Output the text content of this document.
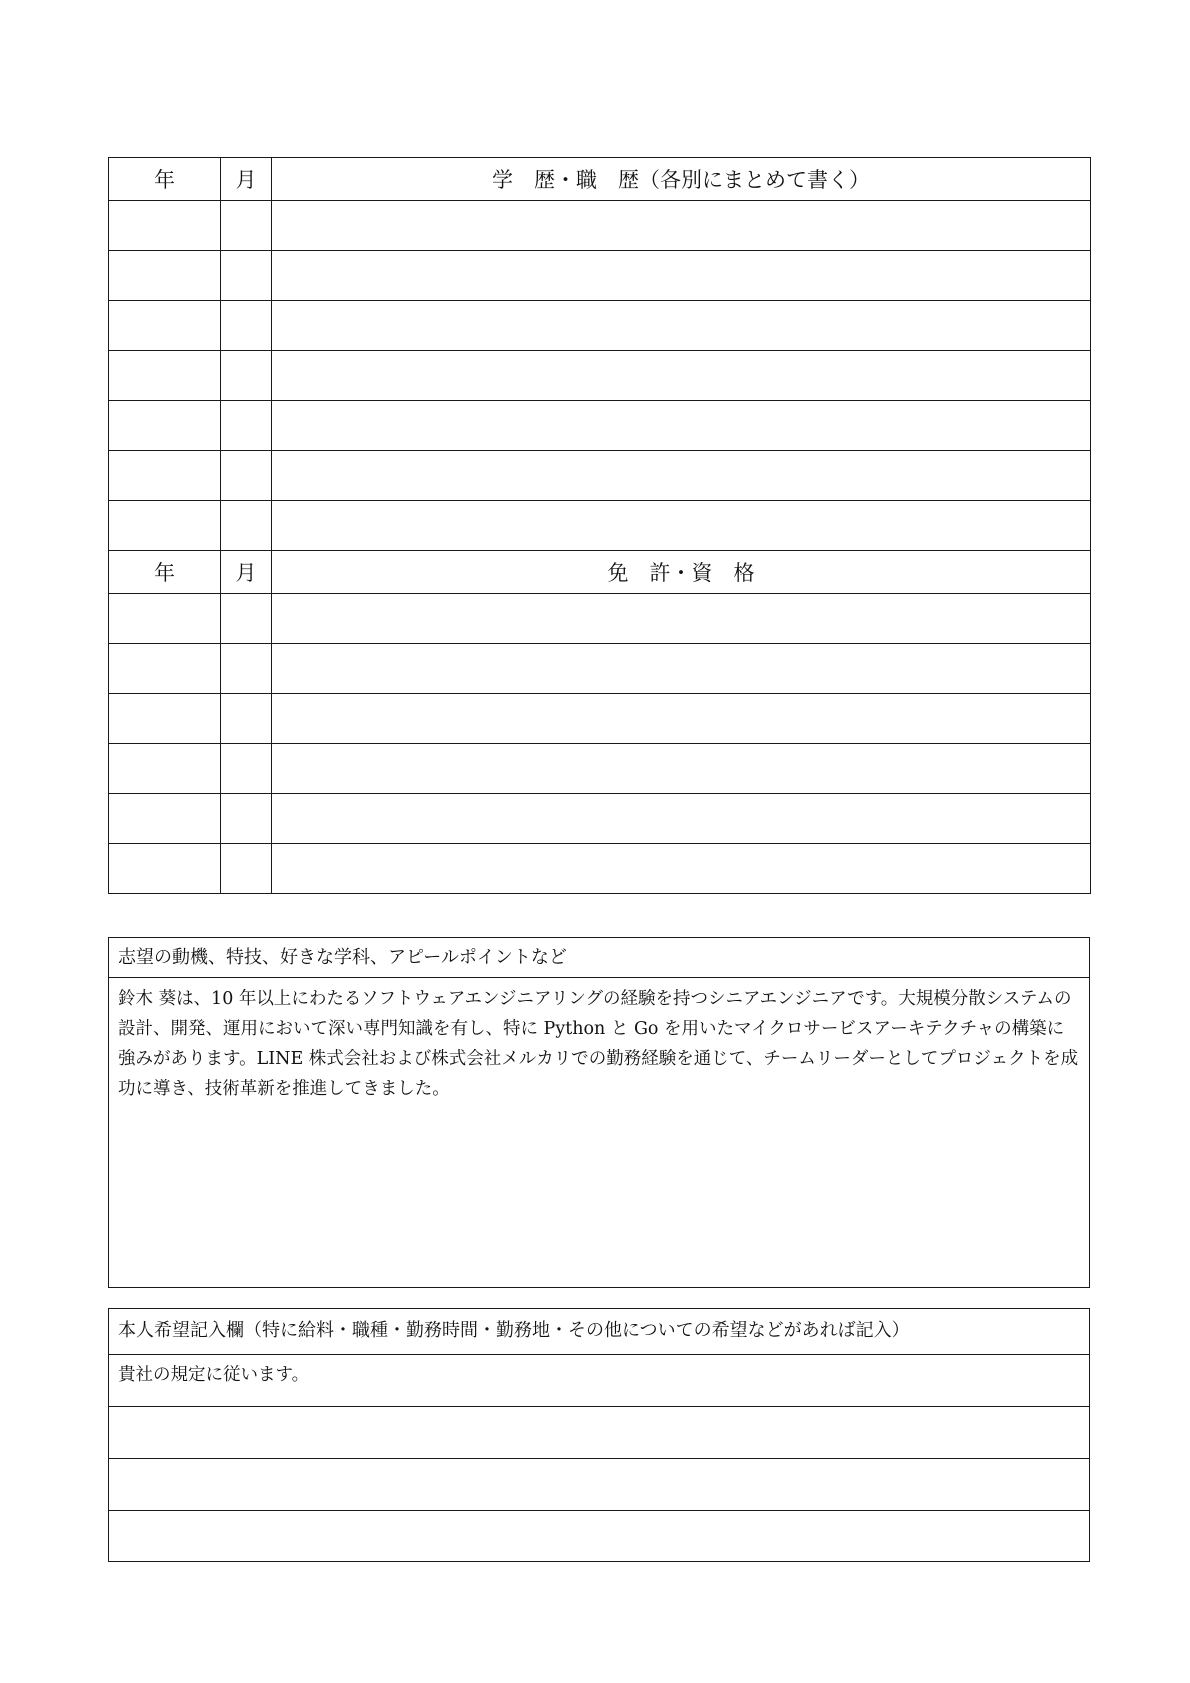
年	月	学　歴・職　歴（各別にまとめて書く）

年	月	免　許・資　格

志望の動機、特技、好きな学科、アピールポイントなど
鈴木 葵は、10 年以上にわたるソフトウェアエンジニアリングの経験を持つシニアエンジニアです。大規模分散システムの設計、開発、運用において深い専門知識を有し、特に Python と Go を用いたマイクロサービスアーキテクチャの構築に強みがあります。LINE 株式会社および株式会社メルカリでの勤務経験を通じて、チームリーダーとしてプロジェクトを成功に導き、技術革新を推進してきました。
本人希望記入欄（特に給料・職種・勤務時間・勤務地・その他についての希望などがあれば記入）
貴社の規定に従います。
